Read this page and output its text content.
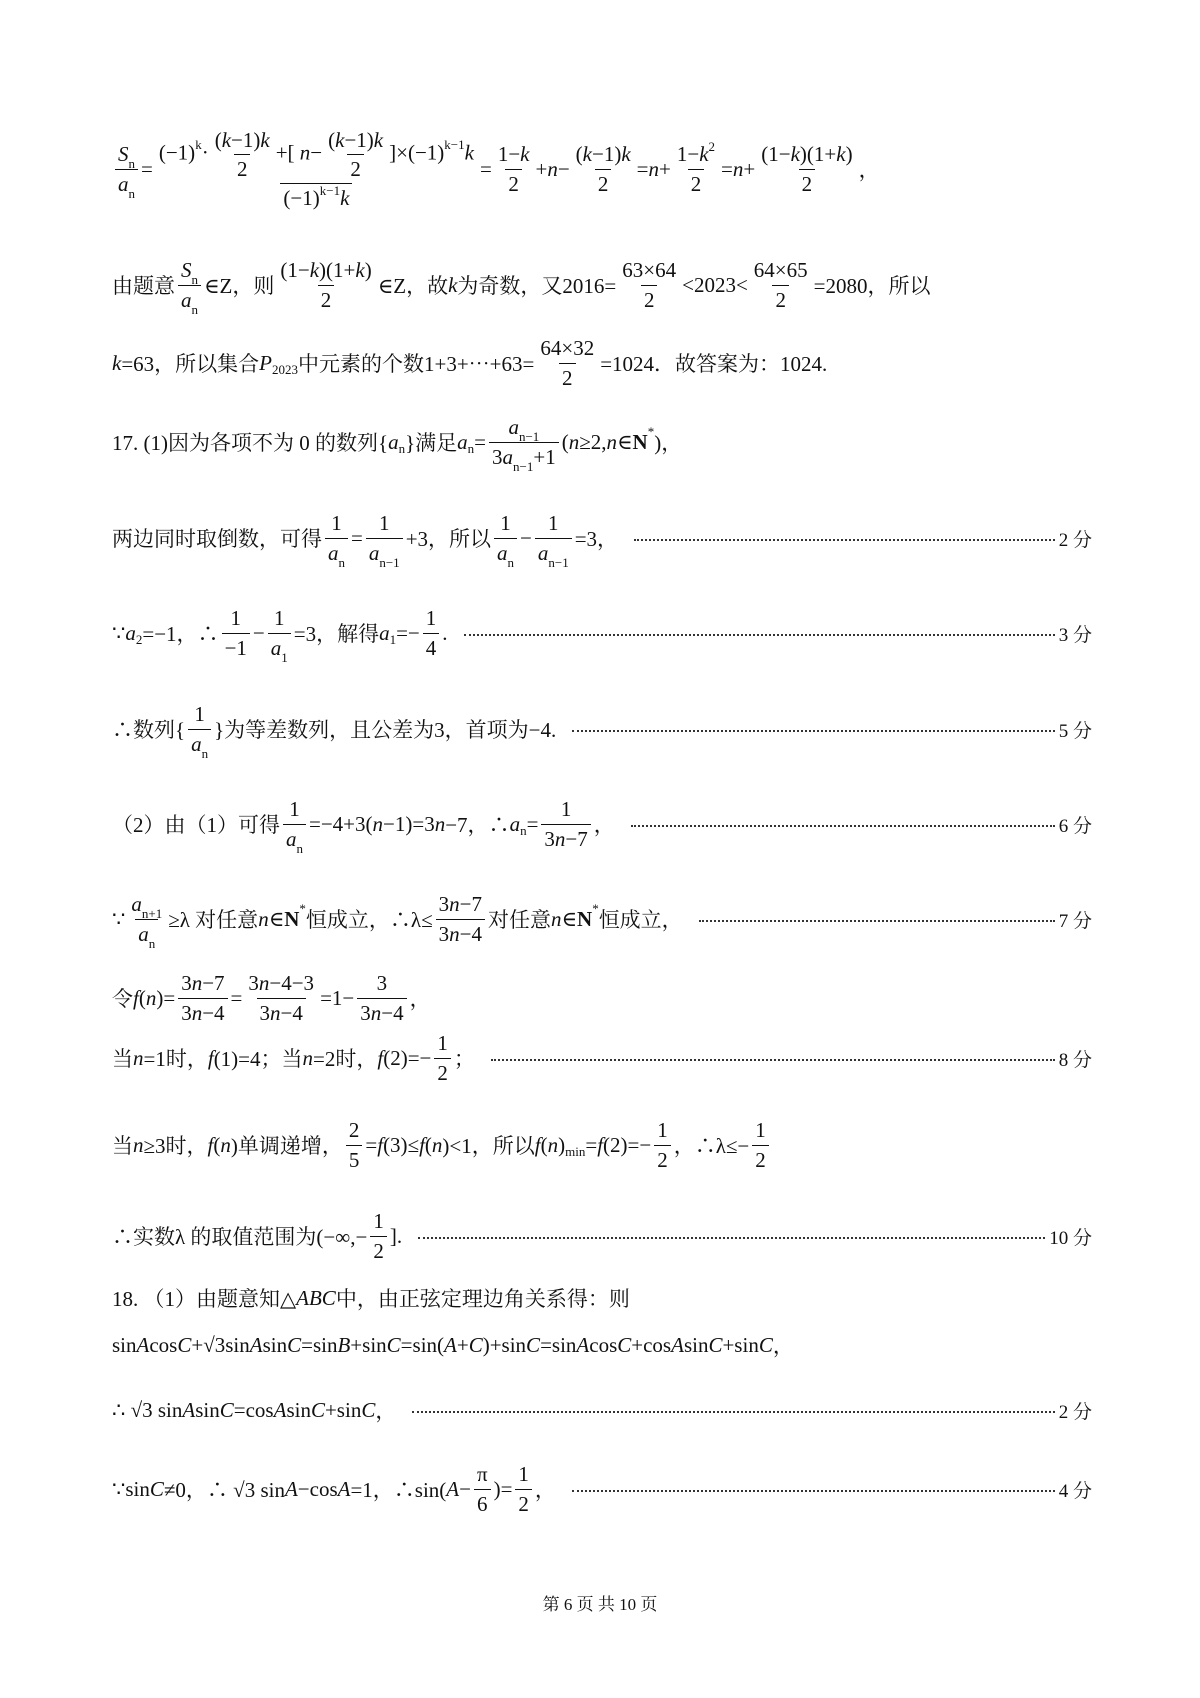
$\frac{S_n}{a_n} = \frac{(-1)^k\cdot \frac{(k-1)k}{2} +[ n- \frac{(k-1)k}{2} ]\times(-1)^{k-1}k}{(-1)^{k-1}k} = \frac{1-k}{2} + n - \frac{(k-1)k}{2} = n + \frac{1-k^2}{2} = n + \frac{(1-k)(1+k)}{2}$ ，
由题意 $\frac{S_n}{a_n}$ ∈Z，则 $\frac{(1-k)(1+k)}{2}$ ∈Z，故 k 为奇数，又$2016= \frac{63\times 64}{2} <2023< \frac{64\times 65}{2} =2080$，所以
k =63，所以集合 P 2023 中元素的个数1+3+⋯+63= $\frac{64\times 32}{2} =1024$．故答案为：1024.
17. (1)因为各项不为 0 的数列{ a n }满足 a $n = \frac{a_{n-1}}{3a_{n-1}+1}$ ( n ≥2, n ∈ N * )，
两边同时取倒数，可得 $\frac{1}{a_n} = \frac{1}{a_{n-1}} +3$，所以 $\frac{1}{a_n} - \frac{1}{a_{n-1}} =3$，	2 分
∵ a 2 =−1，∴ $\frac{1}{-1} - \frac{1}{a_1} =3$，解得 a $1 =- \frac{1}{4}$ .	3 分
∴数列{ $\frac{1}{a_n}$ }为等差数列，且公差为3，首项为−4.	5 分
（2）由（1）可得 $\frac{1}{a_n} =-4+3$( n −1)=3 n −7，∴ a $n = \frac{1}{3n-7}$ ，	6 分
∵ $\frac{a_{n+1}}{a_n} \ge\lambda$ 对任意 n ∈ N * 恒成立，∴λ≤ $\frac{3n-7}{3n-4}$ 对任意 n ∈ N * 恒成立，	7 分
令 f ( n )= $\frac{3n-7}{3n-4} = \frac{3n-4-3}{3n-4} =1- \frac{3}{3n-4}$ ，
当 n =1时， f (1)=4；当 n =2时， f $(2)=- \frac{1}{2}$ ；	8 分
当 n ≥3时， f ( n )单调递增， $\frac{2}{5} = f$ (3)≤ f ( n )<1，所以 f ( n ) min = f $(2)=- \frac{1}{2}$ ，∴λ≤− $\frac{1}{2}$
∴实数λ 的取值范围为(−∞,− $\frac{1}{2}$ ].	10 分
18. （1）由题意知△ ABC 中，由正弦定理边角关系得：则
sin A cos C +√3sin A sin C =sin B +sin C =sin( A + C )+sin C =sin A cos C +cos A sin C +sin C ，
∴ √3 sin A sin C =cos A sin C +sin C ，	2 分
∵sin C ≠0，∴ √3 sin A −cos A =1，∴sin( $A - \frac{\pi}{6}$ )= $\frac{1}{2}$ ，	4 分
第 6 页 共 10 页
